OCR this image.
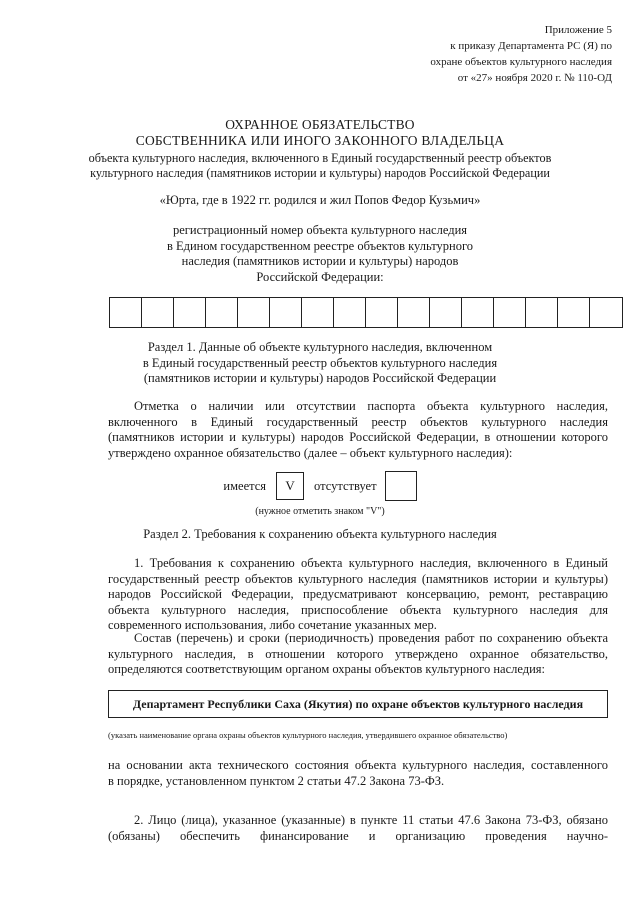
Приложение 5
к приказу Департамента РС (Я) по
охране объектов культурного наследия
от «27» ноября 2020 г. № 110-ОД
ОХРАННОЕ ОБЯЗАТЕЛЬСТВО
СОБСТВЕННИКА ИЛИ ИНОГО ЗАКОННОГО ВЛАДЕЛЬЦА
объекта культурного наследия, включенного в Единый государственный реестр объектов
культурного наследия (памятников истории и культуры) народов Российской Федерации
«Юрта, где в 1922 гг. родился и жил Попов Федор Кузьмич»
регистрационный номер объекта культурного наследия
в Едином государственном реестре объектов культурного
наследия (памятников истории и культуры) народов
Российской Федерации:
Раздел 1. Данные об объекте культурного наследия, включенном
в Единый государственный реестр объектов культурного наследия
(памятников истории и культуры) народов Российской Федерации
Отметка о наличии или отсутствии паспорта объекта культурного наследия,
включенного в Единый государственный реестр объектов культурного наследия
(памятников истории и культуры) народов Российской Федерации, в отношении которого
утверждено охранное обязательство (далее – объект культурного наследия):
имеется	V	отсутствует
(нужное отметить знаком "V")
Раздел 2. Требования к сохранению объекта культурного наследия
1. Требования к сохранению объекта культурного наследия, включенного в Единый
государственный реестр объектов культурного наследия (памятников истории и культуры)
народов Российской Федерации, предусматривают консервацию, ремонт, реставрацию
объекта культурного наследия, приспособление объекта культурного наследия для
современного использования, либо сочетание указанных мер.
Состав (перечень) и сроки (периодичность) проведения работ по сохранению объекта
культурного наследия, в отношении которого утверждено охранное обязательство,
определяются соответствующим органом охраны объектов культурного наследия:
Департамент Республики Саха (Якутия) по охране объектов культурного наследия
(указать наименование органа охраны объектов культурного наследия, утвердившего охранное обязательство)
на основании акта технического состояния объекта культурного наследия, составленного
в порядке, установленном пунктом 2 статьи 47.2 Закона 73-ФЗ.
2. Лицо (лица), указанное (указанные) в пункте 11 статьи 47.6 Закона 73-ФЗ, обязано
(обязаны) обеспечить финансирование и организацию проведения научно-
